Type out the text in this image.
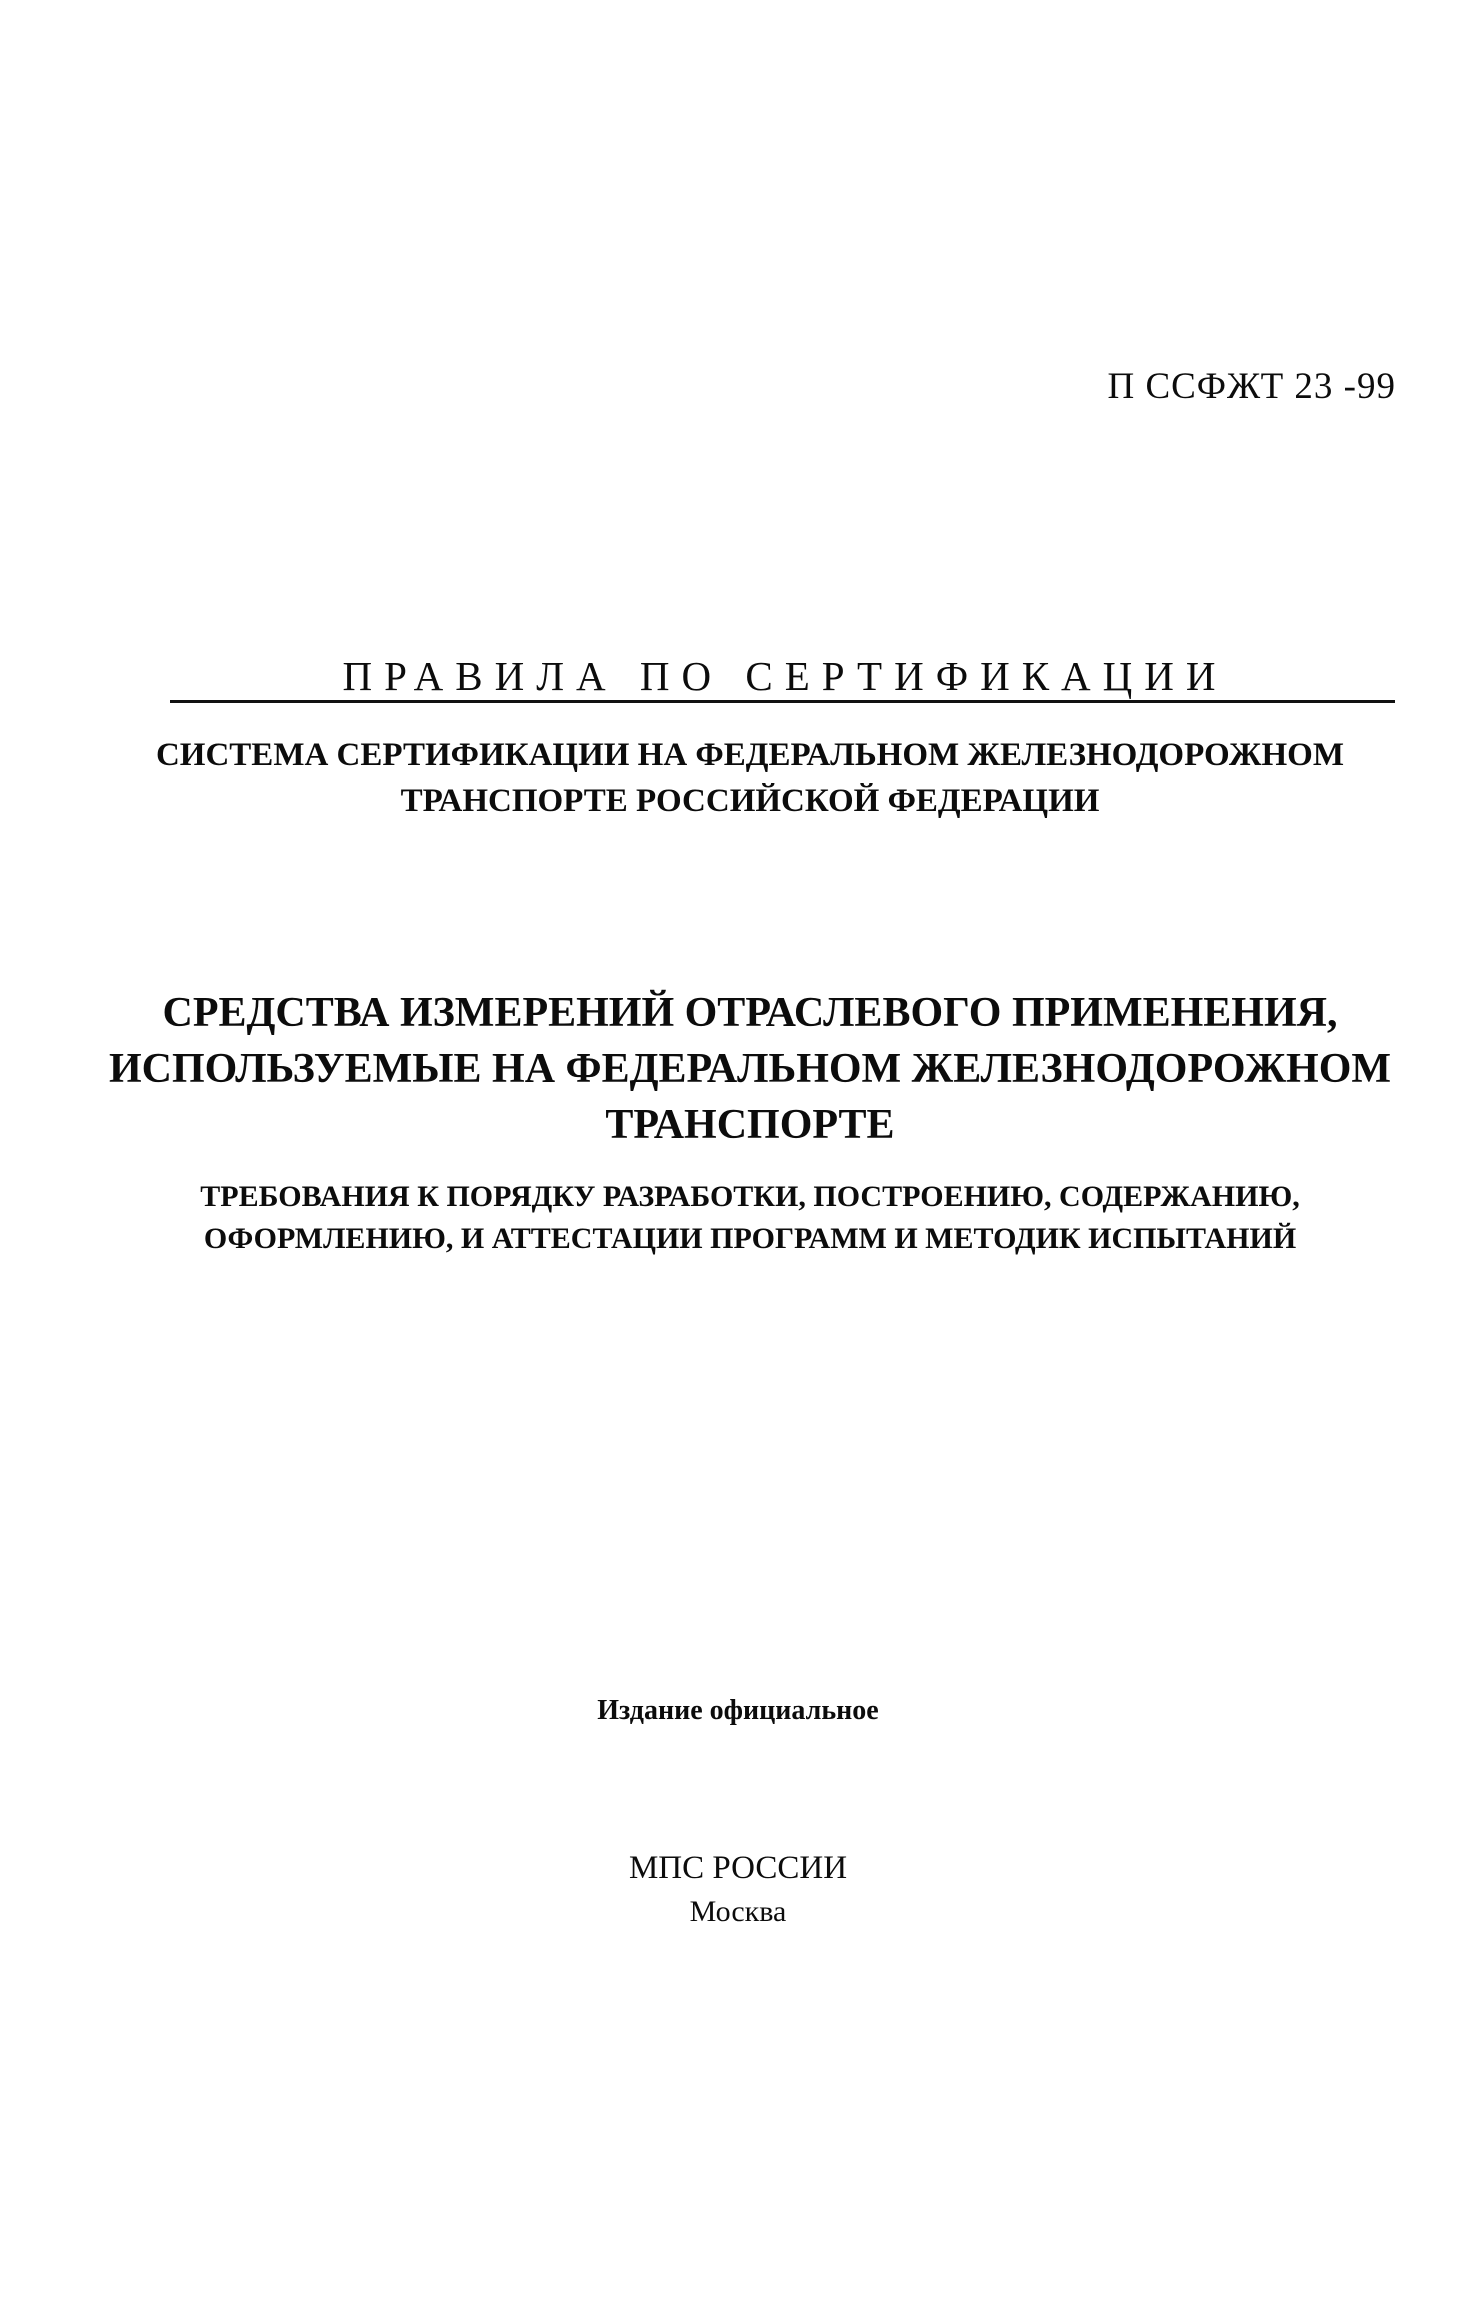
П ССФЖТ 23 -99
ПРАВИЛА ПО СЕРТИФИКАЦИИ
СИСТЕМА СЕРТИФИКАЦИИ НА ФЕДЕРАЛЬНОМ ЖЕЛЕЗНОДОРОЖНОМ
ТРАНСПОРТЕ РОССИЙСКОЙ ФЕДЕРАЦИИ
СРЕДСТВА ИЗМЕРЕНИЙ ОТРАСЛЕВОГО ПРИМЕНЕНИЯ,
ИСПОЛЬЗУЕМЫЕ НА ФЕДЕРАЛЬНОМ ЖЕЛЕЗНОДОРОЖНОМ
ТРАНСПОРТЕ
ТРЕБОВАНИЯ К ПОРЯДКУ РАЗРАБОТКИ, ПОСТРОЕНИЮ, СОДЕРЖАНИЮ,
ОФОРМЛЕНИЮ, И АТТЕСТАЦИИ ПРОГРАММ И МЕТОДИК ИСПЫТАНИЙ
Издание официальное
МПС РОССИИ
Москва
